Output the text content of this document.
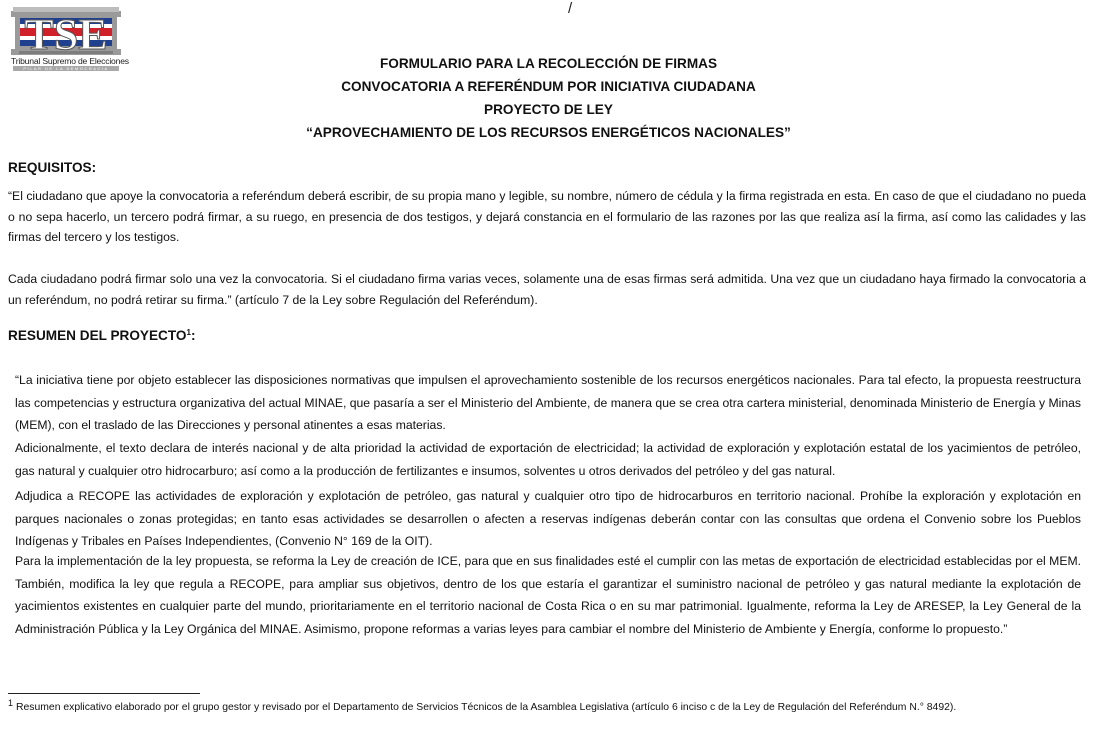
/
TSE
Tribunal Supremo de Elecciones
PILAR DE LA DEMOCRACIA	FORMULARIO PARA LA RECOLECCIÓN DE FIRMAS
CONVOCATORIA A REFERÉNDUM POR INICIATIVA CIUDADANA
PROYECTO DE LEY
“APROVECHAMIENTO DE LOS RECURSOS ENERGÉTICOS NACIONALES”
REQUISITOS:
“El ciudadano que apoye la convocatoria a referéndum deberá escribir, de su propia mano y legible, su nombre, número de cédula y la firma registrada en esta. En caso de que el ciudadano no pueda o no sepa hacerlo, un tercero podrá firmar, a su ruego, en presencia de dos testigos, y dejará constancia en el formulario de las razones por las que realiza así la firma, así como las calidades y las firmas del tercero y los testigos.
Cada ciudadano podrá firmar solo una vez la convocatoria. Si el ciudadano firma varias veces, solamente una de esas firmas será admitida. Una vez que un ciudadano haya firmado la convocatoria a un referéndum, no podrá retirar su firma.” (artículo 7 de la Ley sobre Regulación del Referéndum).
RESUMEN DEL PROYECTO$^1$:
“La iniciativa tiene por objeto establecer las disposiciones normativas que impulsen el aprovechamiento sostenible de los recursos energéticos nacionales. Para tal efecto, la propuesta reestructura las competencias y estructura organizativa del actual MINAE, que pasaría a ser el Ministerio del Ambiente, de manera que se crea otra cartera ministerial, denominada Ministerio de Energía y Minas (MEM), con el traslado de las Direcciones y personal atinentes a esas materias.
Adicionalmente, el texto declara de interés nacional y de alta prioridad la actividad de exportación de electricidad; la actividad de exploración y explotación estatal de los yacimientos de petróleo, gas natural y cualquier otro hidrocarburo; así como a la producción de fertilizantes e insumos, solventes u otros derivados del petróleo y del gas natural.
Adjudica a RECOPE las actividades de exploración y explotación de petróleo, gas natural y cualquier otro tipo de hidrocarburos en territorio nacional. Prohíbe la exploración y explotación en parques nacionales o zonas protegidas; en tanto esas actividades se desarrollen o afecten a reservas indígenas deberán contar con las consultas que ordena el Convenio sobre los Pueblos Indígenas y Tribales en Países Independientes, (Convenio N° 169 de la OIT).
Para la implementación de la ley propuesta, se reforma la Ley de creación de ICE, para que en sus finalidades esté el cumplir con las metas de exportación de electricidad establecidas por el MEM. También, modifica la ley que regula a RECOPE, para ampliar sus objetivos, dentro de los que estaría el garantizar el suministro nacional de petróleo y gas natural mediante la explotación de yacimientos existentes en cualquier parte del mundo, prioritariamente en el territorio nacional de Costa Rica o en su mar patrimonial. Igualmente, reforma la Ley de ARESEP, la Ley General de la Administración Pública y la Ley Orgánica del MINAE. Asimismo, propone reformas a varias leyes para cambiar el nombre del Ministerio de Ambiente y Energía, conforme lo propuesto.”
1 Resumen explicativo elaborado por el grupo gestor y revisado por el Departamento de Servicios Técnicos de la Asamblea Legislativa (artículo 6 inciso c de la Ley de Regulación del Referéndum N.° 8492).
